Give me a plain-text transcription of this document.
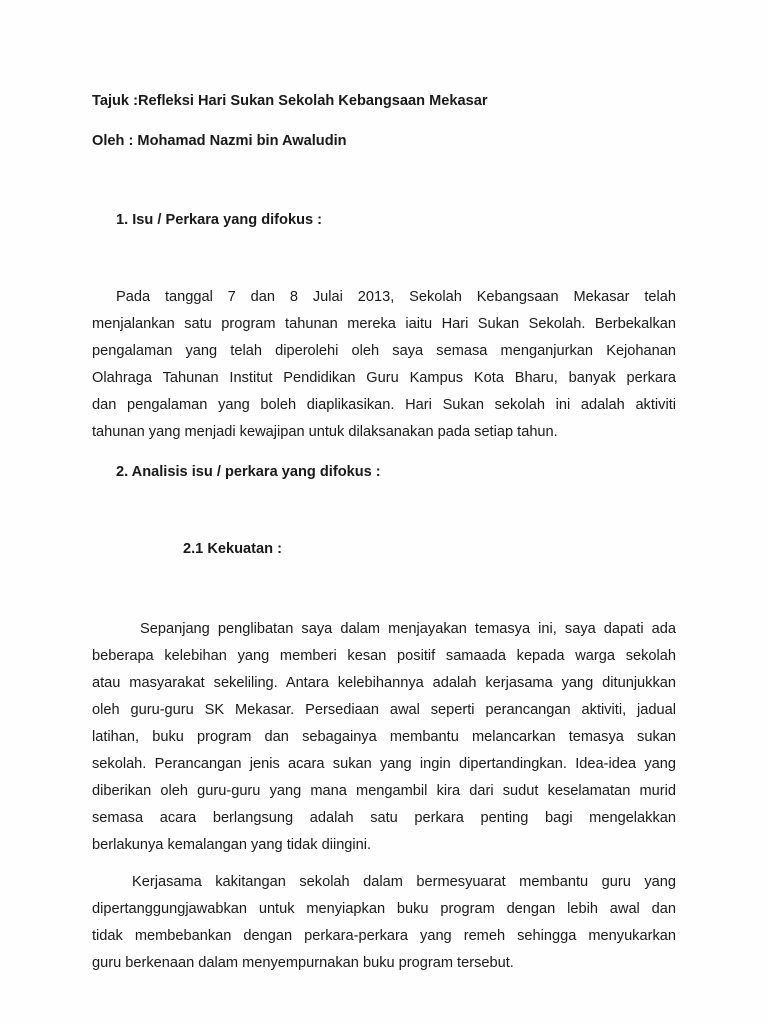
Tajuk :Refleksi Hari Sukan Sekolah Kebangsaan Mekasar
Oleh : Mohamad Nazmi bin Awaludin
1. Isu / Perkara yang difokus :
Pada tanggal 7 dan 8 Julai 2013, Sekolah Kebangsaan Mekasar telah
menjalankan satu program tahunan mereka iaitu Hari Sukan Sekolah. Berbekalkan
pengalaman yang telah diperolehi oleh saya semasa menganjurkan Kejohanan
Olahraga Tahunan Institut Pendidikan Guru Kampus Kota Bharu, banyak perkara
dan pengalaman yang boleh diaplikasikan. Hari Sukan sekolah ini adalah aktiviti
tahunan yang menjadi kewajipan untuk dilaksanakan pada setiap tahun.
2. Analisis isu / perkara yang difokus :
2.1 Kekuatan :
Sepanjang penglibatan saya dalam menjayakan temasya ini, saya dapati ada
beberapa kelebihan yang memberi kesan positif samaada kepada warga sekolah
atau masyarakat sekeliling. Antara kelebihannya adalah kerjasama yang ditunjukkan
oleh guru-guru SK Mekasar. Persediaan awal seperti perancangan aktiviti, jadual
latihan, buku program dan sebagainya membantu melancarkan temasya sukan
sekolah. Perancangan jenis acara sukan yang ingin dipertandingkan. Idea-idea yang
diberikan oleh guru-guru yang mana mengambil kira dari sudut keselamatan murid
semasa acara berlangsung adalah satu perkara penting bagi mengelakkan
berlakunya kemalangan yang tidak diingini.
Kerjasama kakitangan sekolah dalam bermesyuarat membantu guru yang
dipertanggungjawabkan untuk menyiapkan buku program dengan lebih awal dan
tidak membebankan dengan perkara-perkara yang remeh sehingga menyukarkan
guru berkenaan dalam menyempurnakan buku program tersebut.
